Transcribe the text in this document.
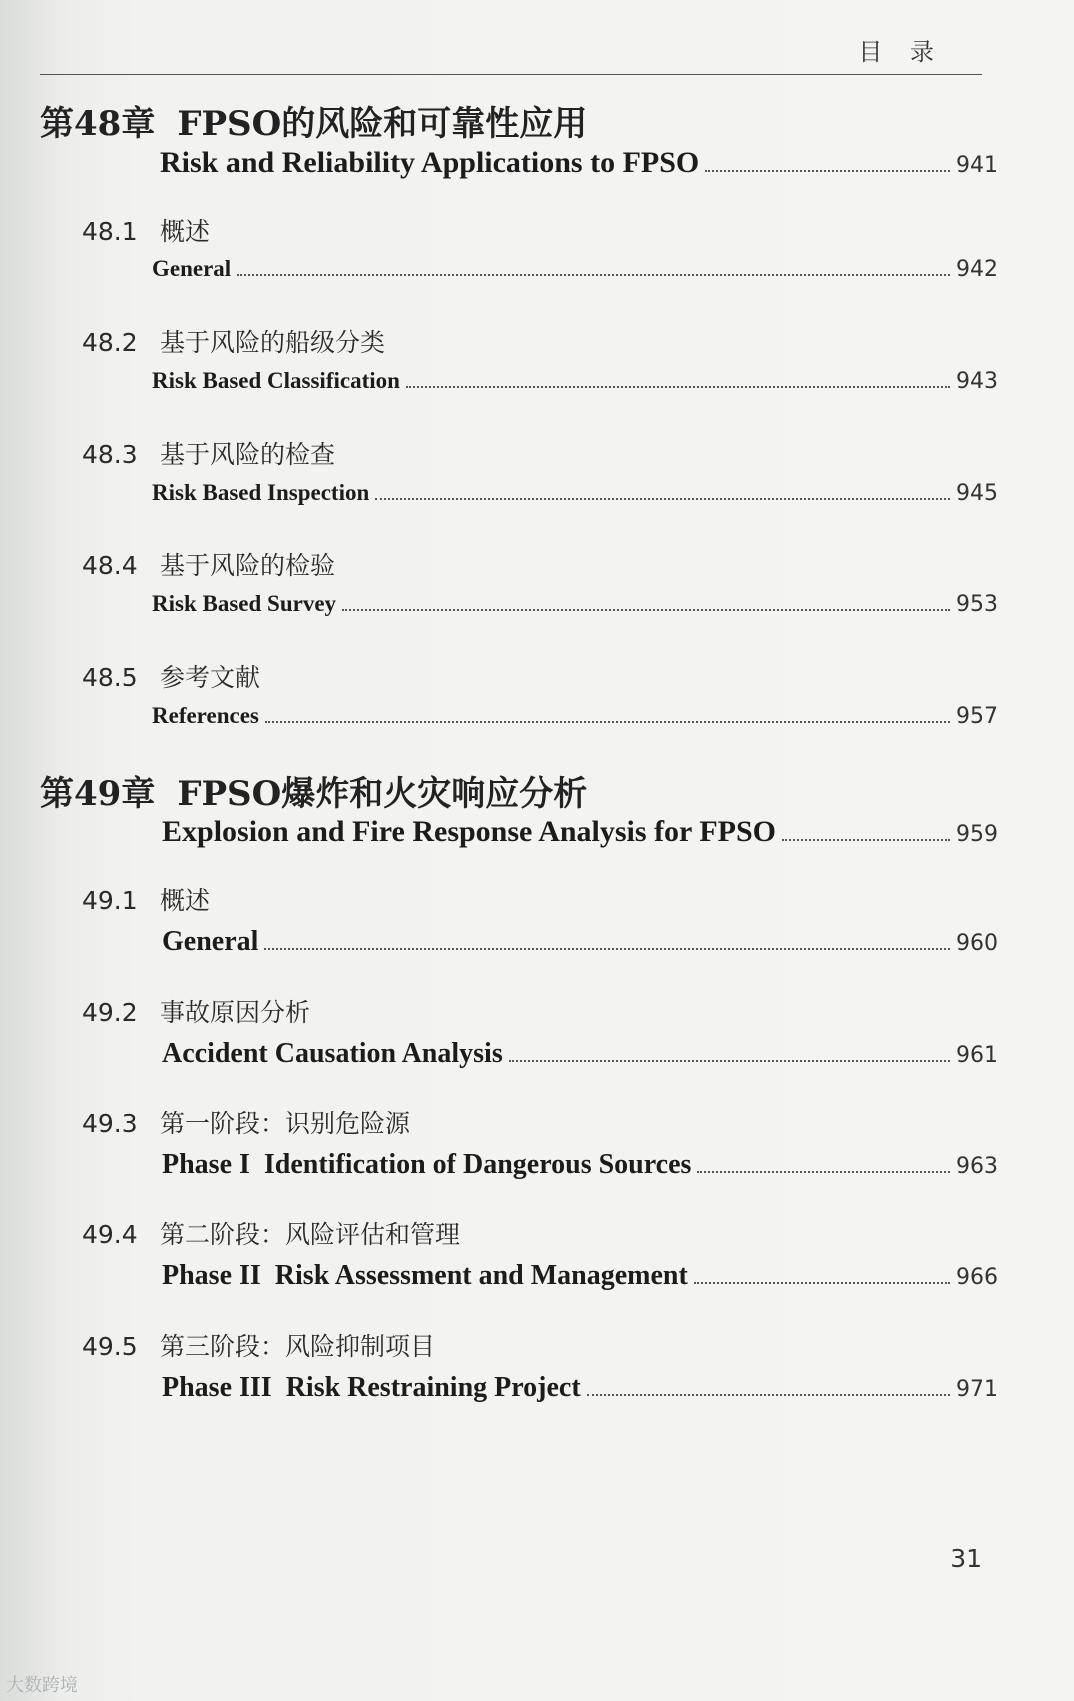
目 录
第48章 FPSO的风险和可靠性应用
Risk and Reliability Applications to FPSO	941
48.1 概述
General	942
48.2 基于风险的船级分类
Risk Based Classification	943
48.3 基于风险的检查
Risk Based Inspection	945
48.4 基于风险的检验
Risk Based Survey	953
48.5 参考文献
References	957
第49章 FPSO爆炸和火灾响应分析
Explosion and Fire Response Analysis for FPSO	959
49.1 概述
General	960
49.2 事故原因分析
Accident Causation Analysis	961
49.3 第一阶段：识别危险源
Phase I  Identification of Dangerous Sources	963
49.4 第二阶段：风险评估和管理
Phase II  Risk Assessment and Management	966
49.5 第三阶段：风险抑制项目
Phase III  Risk Restraining Project	971
31
大数跨境
